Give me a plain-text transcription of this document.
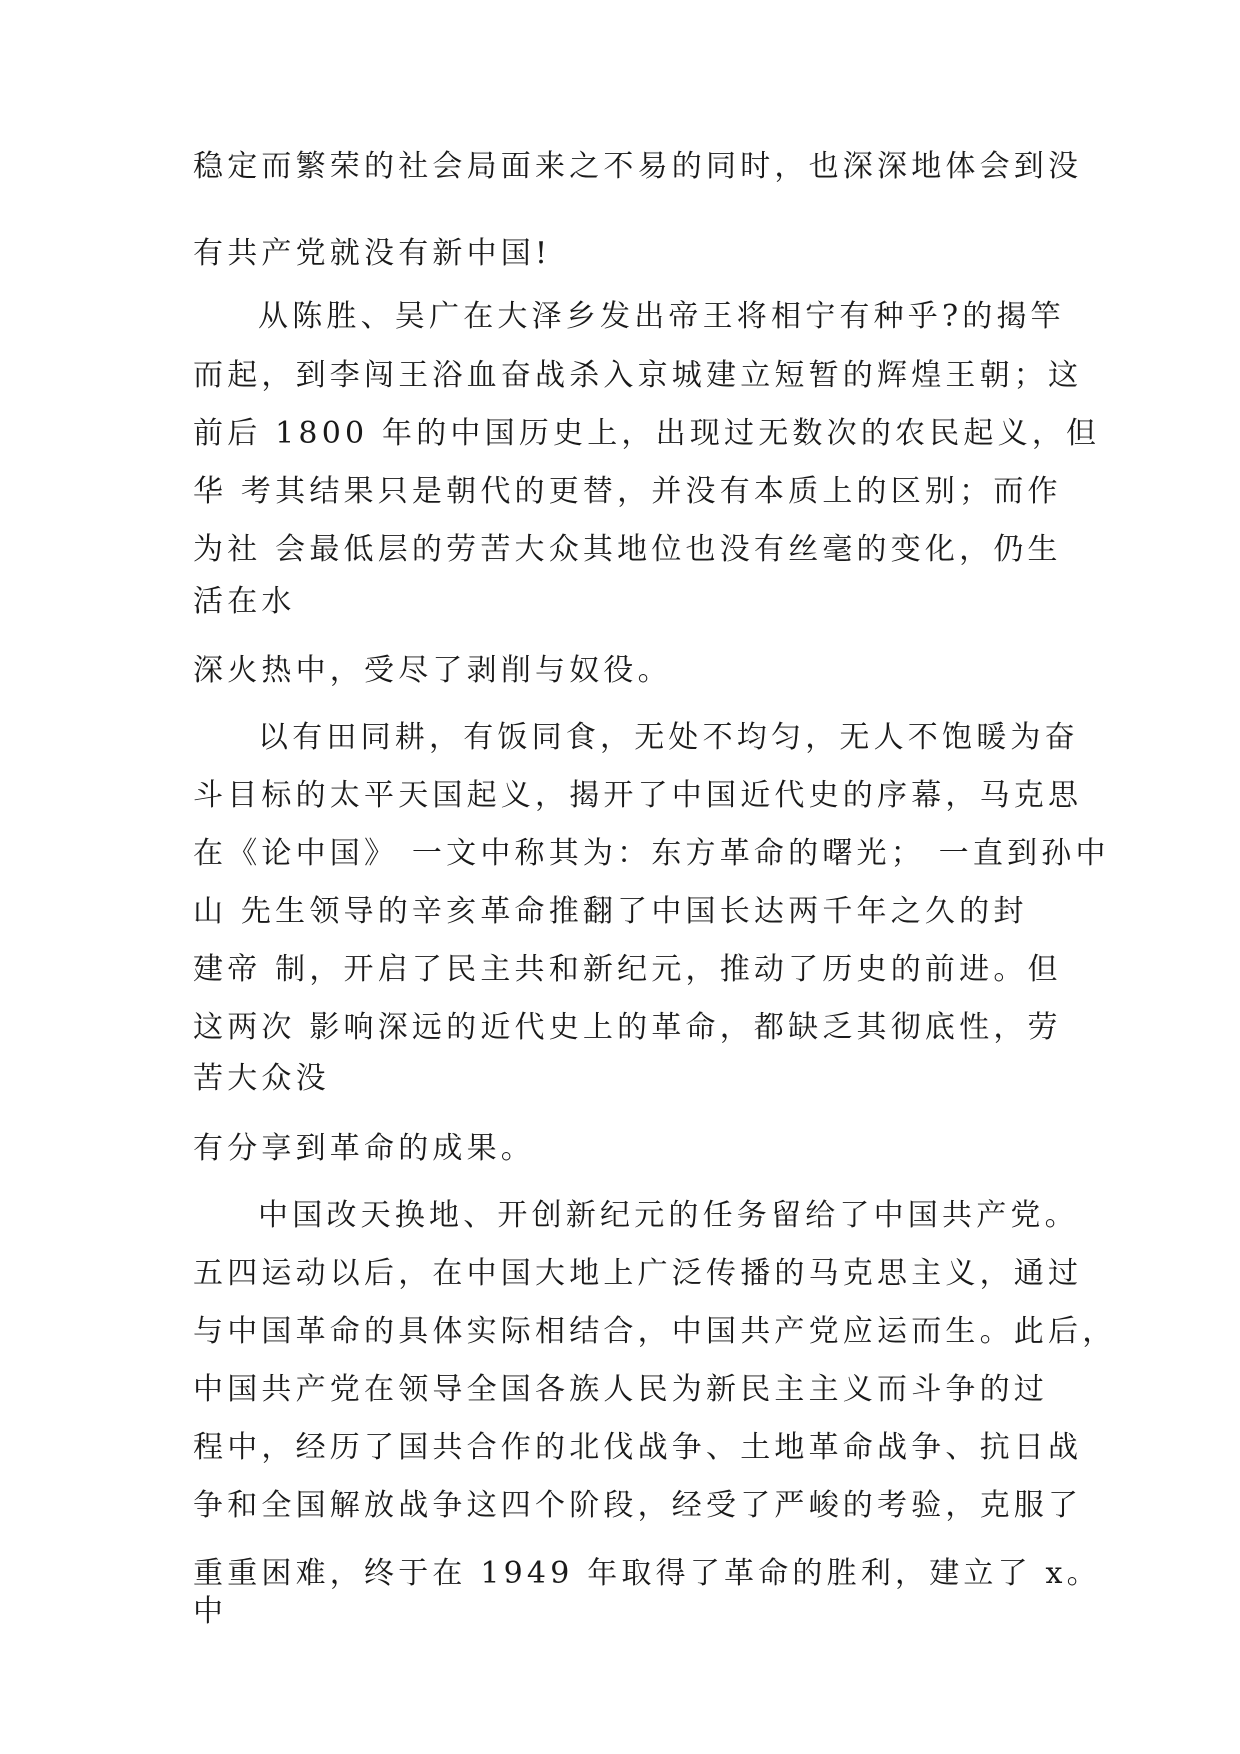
稳定而繁荣的社会局面来之不易的同时，也深深地体会到没
有共产党就没有新中国!
从陈胜、吴广在大泽乡发出帝王将相宁有种乎?的揭竿
而起，到李闯王浴血奋战杀入京城建立短暂的辉煌王朝；这
前后 1800 年的中国历史上，出现过无数次的农民起义，但
华 考其结果只是朝代的更替，并没有本质上的区别；而作
为社 会最低层的劳苦大众其地位也没有丝毫的变化，仍生
活在水
深火热中，受尽了剥削与奴役。
以有田同耕，有饭同食，无处不均匀，无人不饱暖为奋
斗目标的太平天国起义，揭开了中国近代史的序幕，马克思
在《论中国》 一文中称其为：东方革命的曙光； 一直到孙中
山 先生领导的辛亥革命推翻了中国长达两千年之久的封
建帝 制，开启了民主共和新纪元，推动了历史的前进。但
这两次 影响深远的近代史上的革命，都缺乏其彻底性，劳
苦大众没
有分享到革命的成果。
中国改天换地、开创新纪元的任务留给了中国共产党。
五四运动以后，在中国大地上广泛传播的马克思主义，通过
与中国革命的具体实际相结合，中国共产党应运而生。此后，
中国共产党在领导全国各族人民为新民主主义而斗争的过
程中，经历了国共合作的北伐战争、土地革命战争、抗日战
争和全国解放战争这四个阶段，经受了严峻的考验，克服了
重重困难，终于在 1949 年取得了革命的胜利，建立了 x。
中
